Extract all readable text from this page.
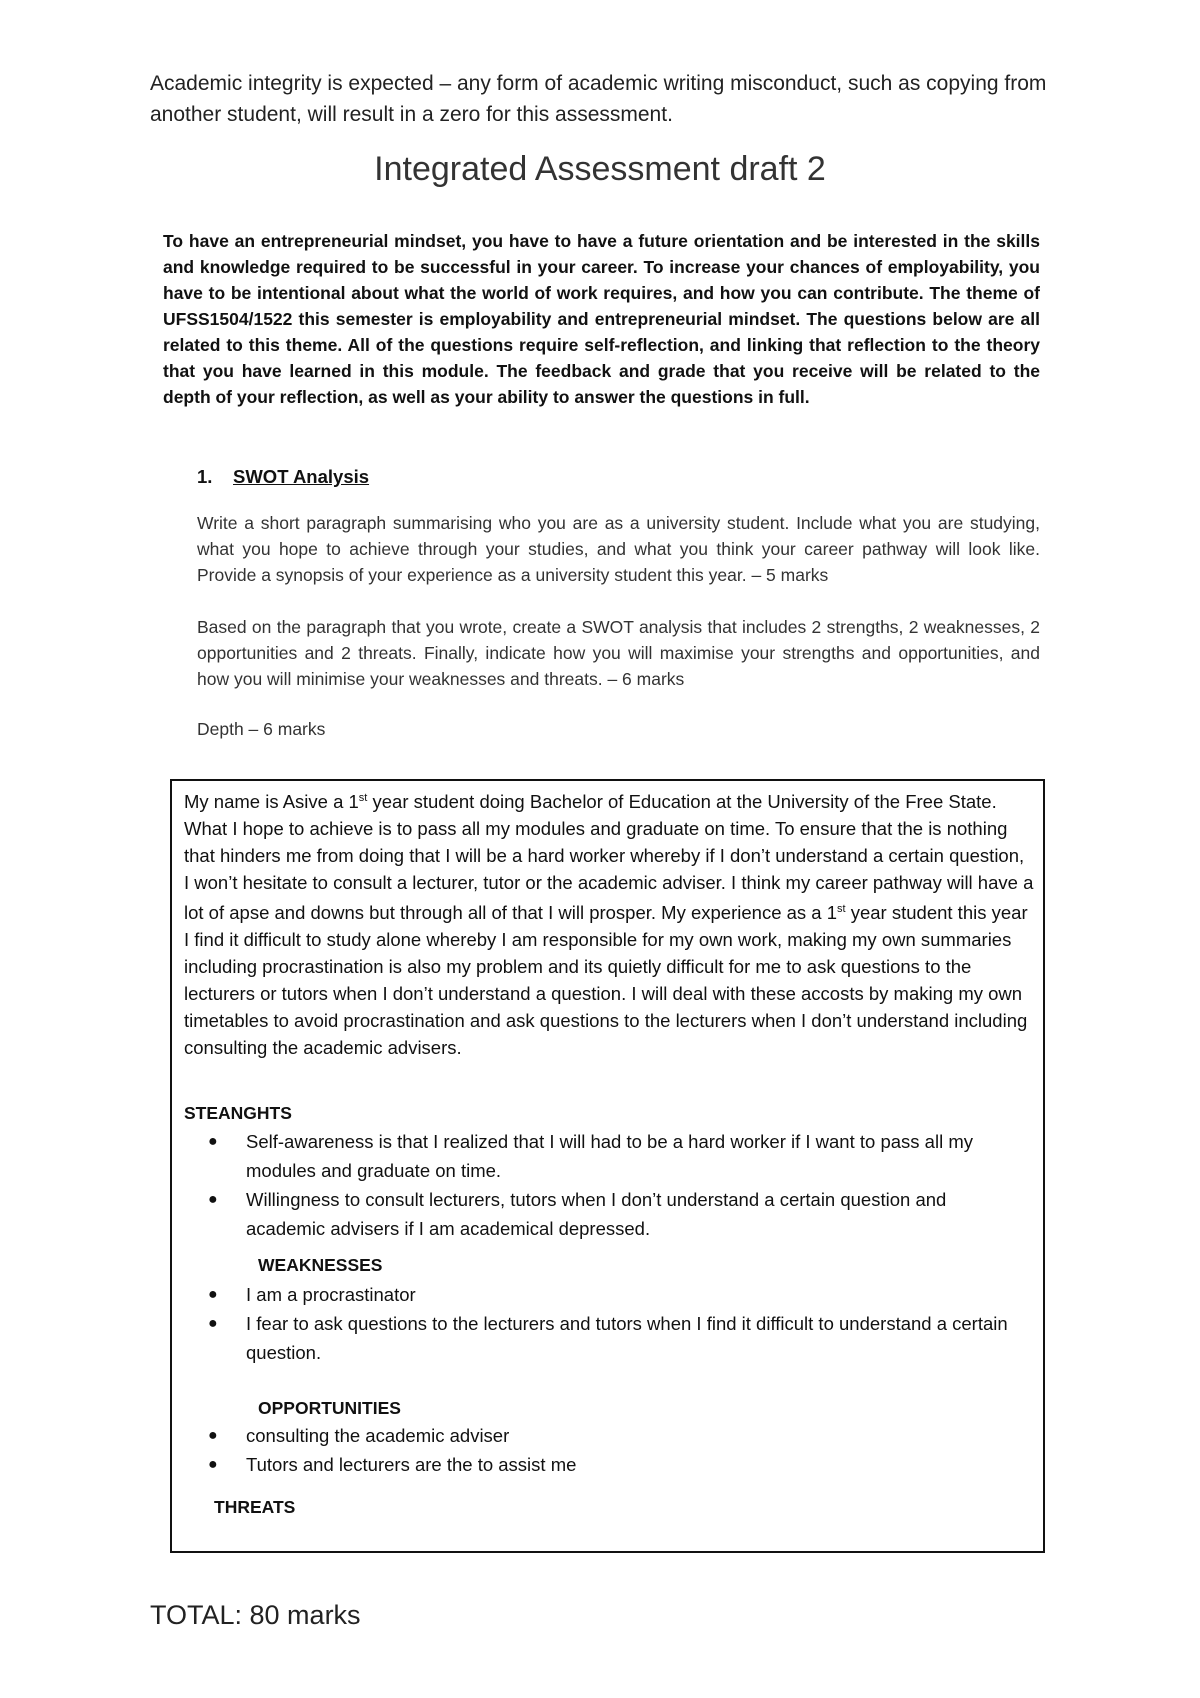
Academic integrity is expected – any form of academic writing misconduct, such as copying from another student, will result in a zero for this assessment.
Integrated Assessment draft 2
To have an entrepreneurial mindset, you have to have a future orientation and be interested in the skills and knowledge required to be successful in your career. To increase your chances of employability, you have to be intentional about what the world of work requires, and how you can contribute. The theme of UFSS1504/1522 this semester is employability and entrepreneurial mindset. The questions below are all related to this theme. All of the questions require self-reflection, and linking that reflection to the theory that you have learned in this module. The feedback and grade that you receive will be related to the depth of your reflection, as well as your ability to answer the questions in full.
1. SWOT Analysis
Write a short paragraph summarising who you are as a university student. Include what you are studying, what you hope to achieve through your studies, and what you think your career pathway will look like. Provide a synopsis of your experience as a university student this year. – 5 marks
Based on the paragraph that you wrote, create a SWOT analysis that includes 2 strengths, 2 weaknesses, 2 opportunities and 2 threats. Finally, indicate how you will maximise your strengths and opportunities, and how you will minimise your weaknesses and threats. – 6 marks
Depth – 6 marks
My name is Asive a 1st year student doing Bachelor of Education at the University of the Free State. What I hope to achieve is to pass all my modules and graduate on time. To ensure that the is nothing that hinders me from doing that I will be a hard worker whereby if I don’t understand a certain question, I won’t hesitate to consult a lecturer, tutor or the academic adviser. I think my career pathway will have a lot of apse and downs but through all of that I will prosper. My experience as a 1st year student this year I find it difficult to study alone whereby I am responsible for my own work, making my own summaries including procrastination is also my problem and its quietly difficult for me to ask questions to the lecturers or tutors when I don’t understand a question. I will deal with these accosts by making my own timetables to avoid procrastination and ask questions to the lecturers when I don’t understand including consulting the academic advisers.
STEANGHTS
●	Self-awareness is that I realized that I will had to be a hard worker if I want to pass all my modules and graduate on time.
●	Willingness to consult lecturers, tutors when I don’t understand a certain question and academic advisers if I am academical depressed.
WEAKNESSES
●	I am a procrastinator
●	I fear to ask questions to the lecturers and tutors when I find it difficult to understand a certain question.
OPPORTUNITIES
●	consulting the academic adviser
●	Tutors and lecturers are the to assist me
THREATS
TOTAL: 80 marks
